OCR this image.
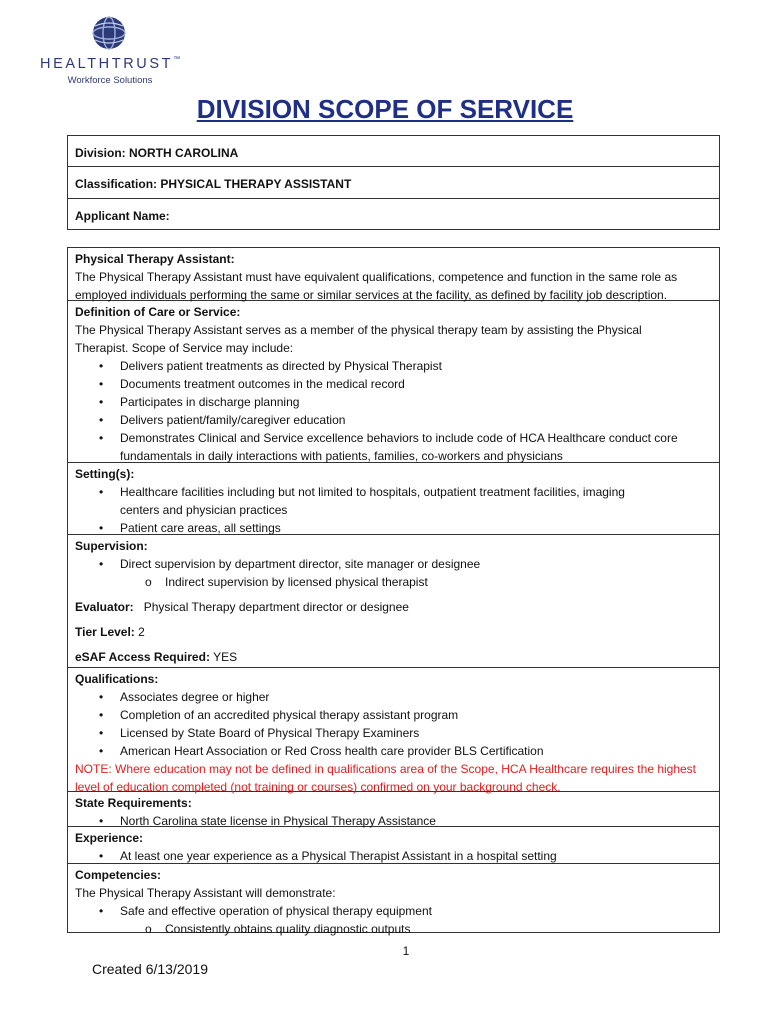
HEALTHTRUST™
Workforce Solutions
DIVISION SCOPE OF SERVICE
Division: NORTH CAROLINA
Classification: PHYSICAL THERAPY ASSISTANT
Applicant Name:
Physical Therapy Assistant:
The Physical Therapy Assistant must have equivalent qualifications, competence and function in the same role as employed individuals performing the same or similar services at the facility, as defined by facility job description.
Definition of Care or Service:
The Physical Therapy Assistant serves as a member of the physical therapy team by assisting the Physical Therapist. Scope of Service may include:
• Delivers patient treatments as directed by Physical Therapist
• Documents treatment outcomes in the medical record
• Participates in discharge planning
• Delivers patient/family/caregiver education
• Demonstrates Clinical and Service excellence behaviors to include code of HCA Healthcare conduct core fundamentals in daily interactions with patients, families, co-workers and physicians
Setting(s):
• Healthcare facilities including but not limited to hospitals, outpatient treatment facilities, imaging centers and physician practices
• Patient care areas, all settings
Supervision:
• Direct supervision by department director, site manager or designee
o Indirect supervision by licensed physical therapist
Evaluator: Physical Therapy department director or designee
Tier Level: 2
eSAF Access Required: YES
Qualifications:
• Associates degree or higher
• Completion of an accredited physical therapy assistant program
• Licensed by State Board of Physical Therapy Examiners
• American Heart Association or Red Cross health care provider BLS Certification
NOTE: Where education may not be defined in qualifications area of the Scope, HCA Healthcare requires the highest level of education completed (not training or courses) confirmed on your background check.
State Requirements:
• North Carolina state license in Physical Therapy Assistance
Experience:
• At least one year experience as a Physical Therapist Assistant in a hospital setting
Competencies:
The Physical Therapy Assistant will demonstrate:
• Safe and effective operation of physical therapy equipment
o Consistently obtains quality diagnostic outputs
1
Created 6/13/2019
